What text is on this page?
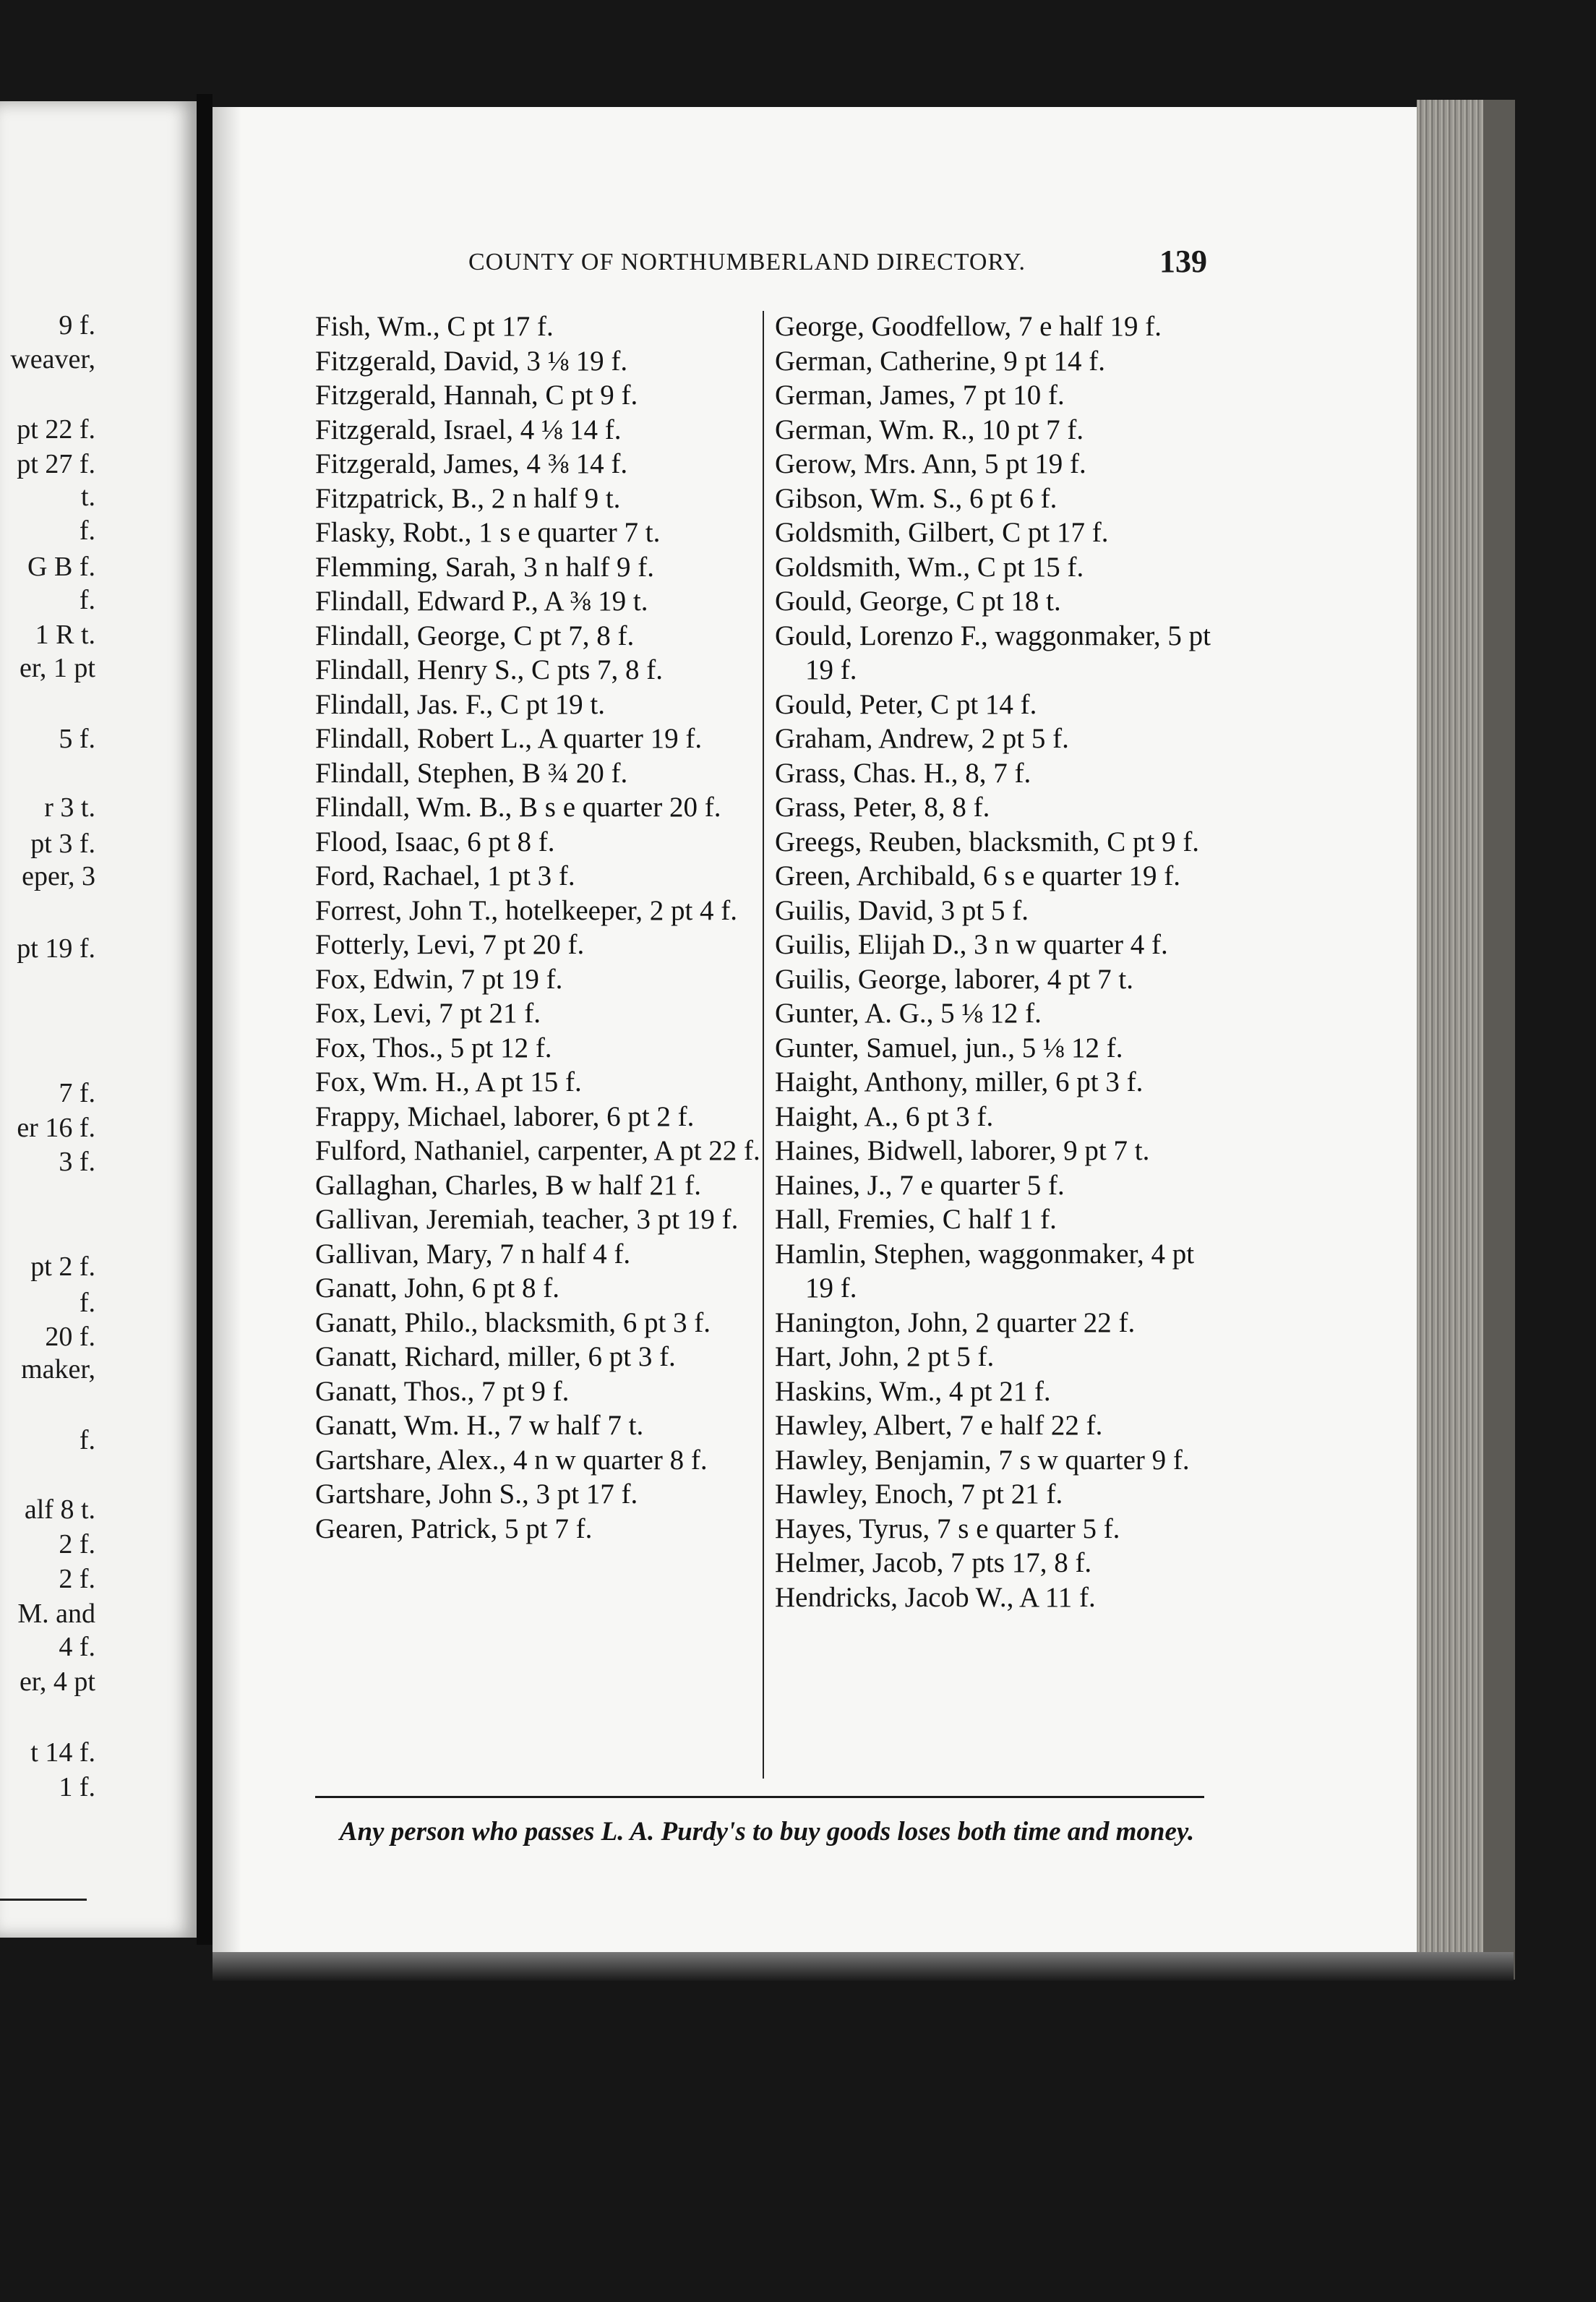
9 f.
weaver,
pt 22 f.
pt 27 f.
t.
f.
G B f.
f.
1 R t.
er, 1 pt
5 f.
r 3 t.
pt 3 f.
eper, 3
pt 19 f.
7 f.
er 16 f.
3 f.
pt 2 f.
f.
20 f.
maker,
f.
alf 8 t.
2 f.
2 f.
M. and
4 f.
er, 4 pt
t 14 f.
1 f.
COUNTY OF NORTHUMBERLAND DIRECTORY.	139

Fish, Wm., C pt 17 f.

Fitzgerald, David, 3 ⅛ 19 f.

Fitzgerald, Hannah, C pt 9 f.

Fitzgerald, Israel, 4 ⅛ 14 f.

Fitzgerald, James, 4 ⅜ 14 f.

Fitzpatrick, B., 2 n half 9 t.

Flasky, Robt., 1 s e quarter 7 t.

Flemming, Sarah, 3 n half 9 f.

Flindall, Edward P., A ⅜ 19 t.

Flindall, George, C pt 7, 8 f.

Flindall, Henry S., C pts 7, 8 f.

Flindall, Jas. F., C pt 19 t.

Flindall, Robert L., A quarter 19 f.

Flindall, Stephen, B ¾ 20 f.

Flindall, Wm. B., B s e quarter 20 f.

Flood, Isaac, 6 pt 8 f.

Ford, Rachael, 1 pt 3 f.

Forrest, John T., hotelkeeper, 2 pt 4 f.

Fotterly, Levi, 7 pt 20 f.

Fox, Edwin, 7 pt 19 f.

Fox, Levi, 7 pt 21 f.

Fox, Thos., 5 pt 12 f.

Fox, Wm. H., A pt 15 f.

Frappy, Michael, laborer, 6 pt 2 f.

Fulford, Nathaniel, carpenter, A pt 22 f.

Gallaghan, Charles, B w half 21 f.

Gallivan, Jeremiah, teacher, 3 pt 19 f.

Gallivan, Mary, 7 n half 4 f.

Ganatt, John, 6 pt 8 f.

Ganatt, Philo., blacksmith, 6 pt 3 f.

Ganatt, Richard, miller, 6 pt 3 f.

Ganatt, Thos., 7 pt 9 f.

Ganatt, Wm. H., 7 w half 7 t.

Gartshare, Alex., 4 n w quarter 8 f.

Gartshare, John S., 3 pt 17 f.

Gearen, Patrick, 5 pt 7 f.

George, Goodfellow, 7 e half 19 f.

German, Catherine, 9 pt 14 f.

German, James, 7 pt 10 f.

German, Wm. R., 10 pt 7 f.

Gerow, Mrs. Ann, 5 pt 19 f.

Gibson, Wm. S., 6 pt 6 f.

Goldsmith, Gilbert, C pt 17 f.

Goldsmith, Wm., C pt 15 f.

Gould, George, C pt 18 t.

Gould, Lorenzo F., waggonmaker, 5 pt 19 f.

Gould, Peter, C pt 14 f.

Graham, Andrew, 2 pt 5 f.

Grass, Chas. H., 8, 7 f.

Grass, Peter, 8, 8 f.

Greegs, Reuben, blacksmith, C pt 9 f.

Green, Archibald, 6 s e quarter 19 f.

Guilis, David, 3 pt 5 f.

Guilis, Elijah D., 3 n w quarter 4 f.

Guilis, George, laborer, 4 pt 7 t.

Gunter, A. G., 5 ⅛ 12 f.

Gunter, Samuel, jun., 5 ⅛ 12 f.

Haight, Anthony, miller, 6 pt 3 f.

Haight, A., 6 pt 3 f.

Haines, Bidwell, laborer, 9 pt 7 t.

Haines, J., 7 e quarter 5 f.

Hall, Fremies, C half 1 f.

Hamlin, Stephen, waggonmaker, 4 pt 19 f.

Hanington, John, 2 quarter 22 f.

Hart, John, 2 pt 5 f.

Haskins, Wm., 4 pt 21 f.

Hawley, Albert, 7 e half 22 f.

Hawley, Benjamin, 7 s w quarter 9 f.

Hawley, Enoch, 7 pt 21 f.

Hayes, Tyrus, 7 s e quarter 5 f.

Helmer, Jacob, 7 pts 17, 8 f.

Hendricks, Jacob W., A 11 f.

Any person who passes L. A. Purdy's to buy goods loses both time and money.
